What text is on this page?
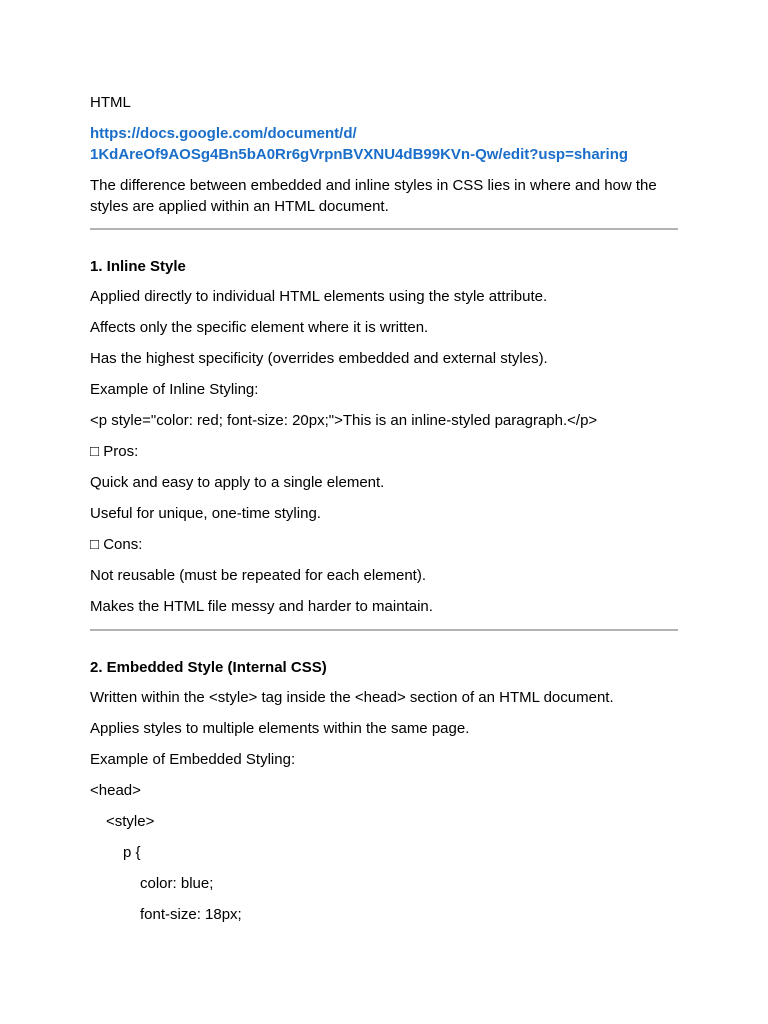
HTML
https://docs.google.com/document/d/
1KdAreOf9AOSg4Bn5bA0Rr6gVrpnBVXNU4dB99KVn-Qw/edit?usp=sharing
The difference between embedded and inline styles in CSS lies in where and how the styles are applied within an HTML document.
1. Inline Style
Applied directly to individual HTML elements using the style attribute.
Affects only the specific element where it is written.
Has the highest specificity (overrides embedded and external styles).
Example of Inline Styling:
<p style="color: red; font-size: 20px;">This is an inline-styled paragraph.</p>
□ Pros:
Quick and easy to apply to a single element.
Useful for unique, one-time styling.
□ Cons:
Not reusable (must be repeated for each element).
Makes the HTML file messy and harder to maintain.
2. Embedded Style (Internal CSS)
Written within the <style> tag inside the <head> section of an HTML document.
Applies styles to multiple elements within the same page.
Example of Embedded Styling:
<head>
<style>
p {
color: blue;
font-size: 18px;
